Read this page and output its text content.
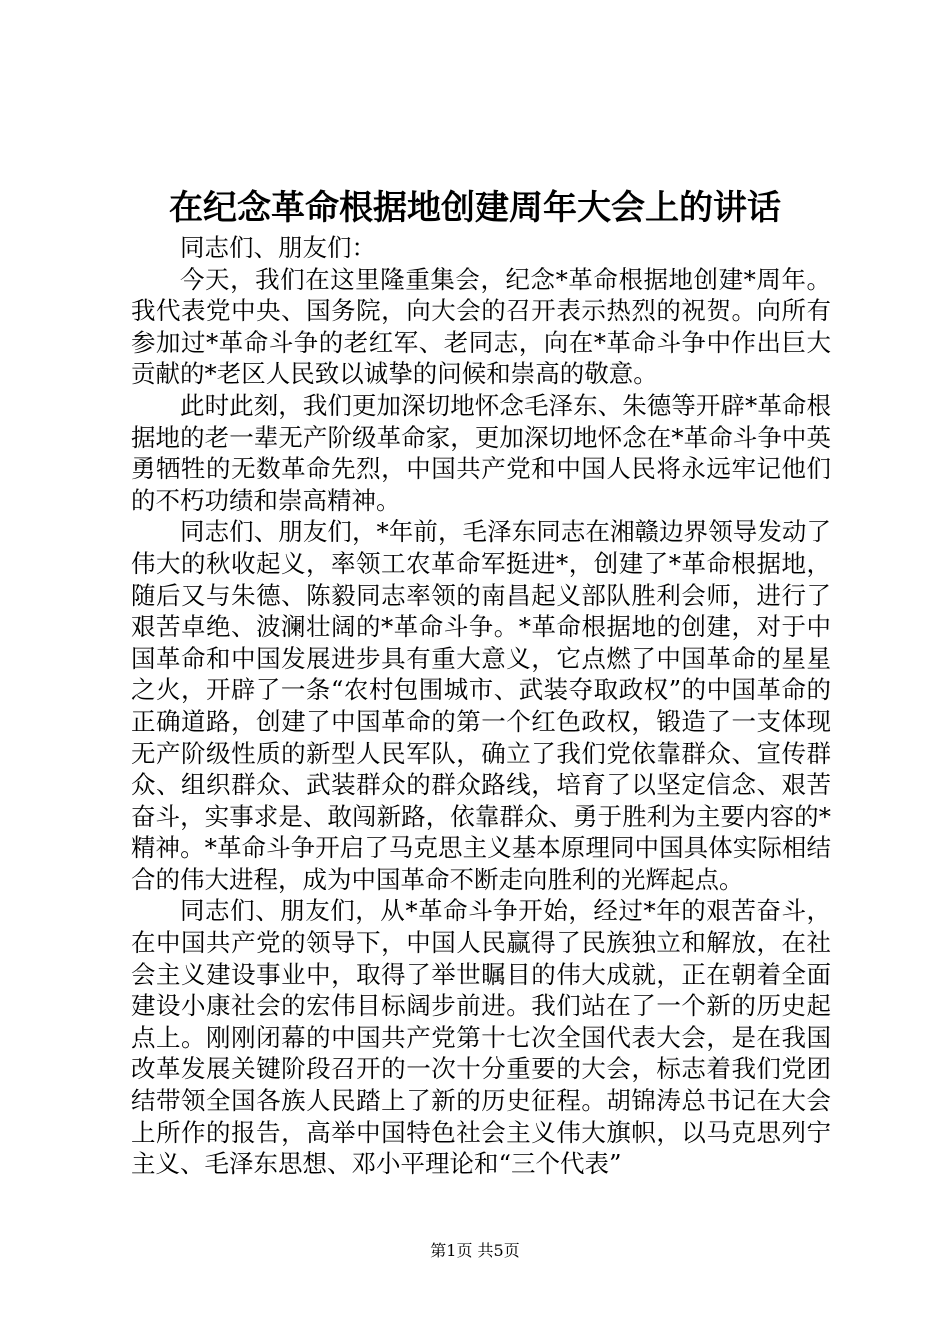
在纪念革命根据地创建周年大会上的讲话

同志们、朋友们：

今天，我们在这里隆重集会，纪念*革命根据地创建*周年。我代表党中央、国务院，向大会的召开表示热烈的祝贺。向所有参加过*革命斗争的老红军、老同志，向在*革命斗争中作出巨大贡献的*老区人民致以诚挚的问候和崇高的敬意。

此时此刻，我们更加深切地怀念毛泽东、朱德等开辟*革命根据地的老一辈无产阶级革命家，更加深切地怀念在*革命斗争中英勇牺牲的无数革命先烈，中国共产党和中国人民将永远牢记他们的不朽功绩和崇高精神。

同志们、朋友们，*年前，毛泽东同志在湘赣边界领导发动了伟大的秋收起义，率领工农革命军挺进*，创建了*革命根据地，随后又与朱德、陈毅同志率领的南昌起义部队胜利会师，进行了艰苦卓绝、波澜壮阔的*革命斗争。*革命根据地的创建，对于中国革命和中国发展进步具有重大意义，它点燃了中国革命的星星之火，开辟了一条“农村包围城市、武装夺取政权”的中国革命的正确道路，创建了中国革命的第一个红色政权，锻造了一支体现无产阶级性质的新型人民军队，确立了我们党依靠群众、宣传群众、组织群众、武装群众的群众路线，培育了以坚定信念、艰苦奋斗，实事求是、敢闯新路，依靠群众、勇于胜利为主要内容的*精神。*革命斗争开启了马克思主义基本原理同中国具体实际相结合的伟大进程，成为中国革命不断走向胜利的光辉起点。

同志们、朋友们，从*革命斗争开始，经过*年的艰苦奋斗，在中国共产党的领导下，中国人民赢得了民族独立和解放，在社会主义建设事业中，取得了举世瞩目的伟大成就，正在朝着全面建设小康社会的宏伟目标阔步前进。我们站在了一个新的历史起点上。刚刚闭幕的中国共产党第十七次全国代表大会，是在我国改革发展关键阶段召开的一次十分重要的大会，标志着我们党团结带领全国各族人民踏上了新的历史征程。胡锦涛总书记在大会上所作的报告，高举中国特色社会主义伟大旗帜，以马克思列宁主义、毛泽东思想、邓小平理论和“三个代表”

第1页 共5页
